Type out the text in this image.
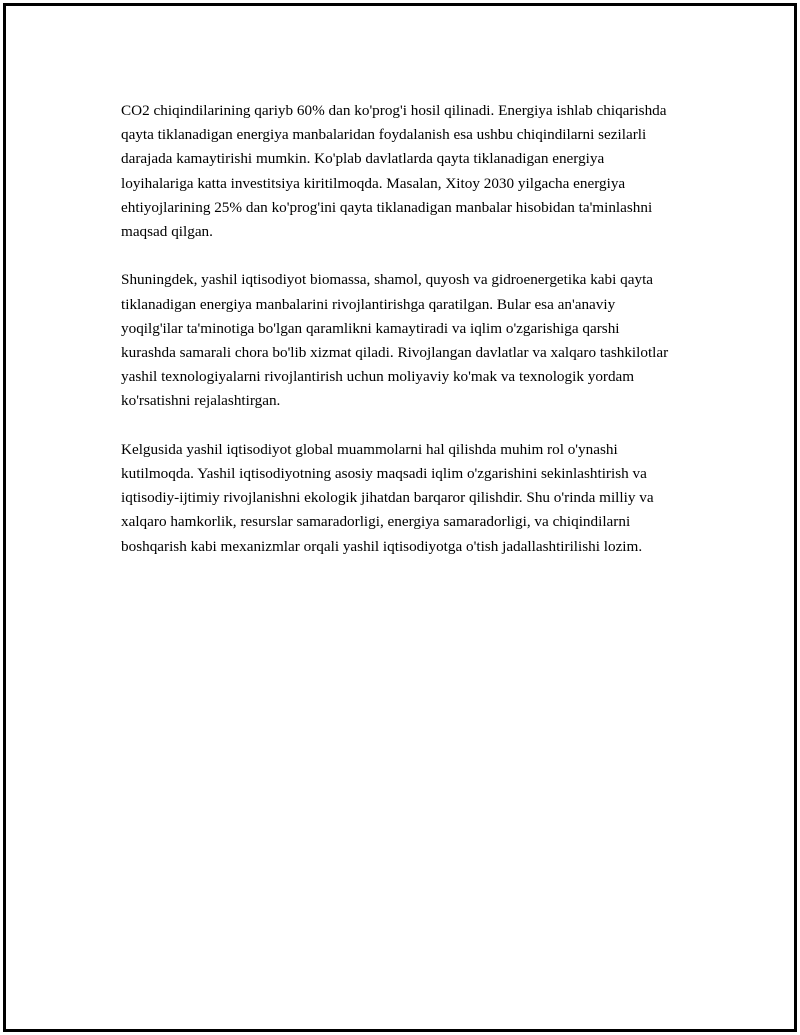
CO2 chiqindilarining qariyb 60% dan ko'prog'i hosil qilinadi. Energiya ishlab chiqarishda qayta tiklanadigan energiya manbalaridan foydalanish esa ushbu chiqindilarni sezilarli darajada kamaytirishi mumkin. Ko'plab davlatlarda qayta tiklanadigan energiya loyihalariga katta investitsiya kiritilmoqda. Masalan, Xitoy 2030 yilgacha energiya ehtiyojlarining 25% dan ko'prog'ini qayta tiklanadigan manbalar hisobidan ta'minlashni maqsad qilgan.

Shuningdek, yashil iqtisodiyot biomassa, shamol, quyosh va gidroenergetika kabi qayta tiklanadigan energiya manbalarini rivojlantirishga qaratilgan. Bular esa an'anaviy yoqilg'ilar ta'minotiga bo'lgan qaramlikni kamaytiradi va iqlim o'zgarishiga qarshi kurashda samarali chora bo'lib xizmat qiladi. Rivojlangan davlatlar va xalqaro tashkilotlar yashil texnologiyalarni rivojlantirish uchun moliyaviy ko'mak va texnologik yordam ko'rsatishni rejalashtirgan.

Kelgusida yashil iqtisodiyot global muammolarni hal qilishda muhim rol o'ynashi kutilmoqda. Yashil iqtisodiyotning asosiy maqsadi iqlim o'zgarishini sekinlashtirish va iqtisodiy-ijtimiy rivojlanishni ekologik jihatdan barqaror qilishdir. Shu o'rinda milliy va xalqaro hamkorlik, resurslar samaradorligi, energiya samaradorligi, va chiqindilarni boshqarish kabi mexanizmlar orqali yashil iqtisodiyotga o'tish jadallashtirilishi lozim.
